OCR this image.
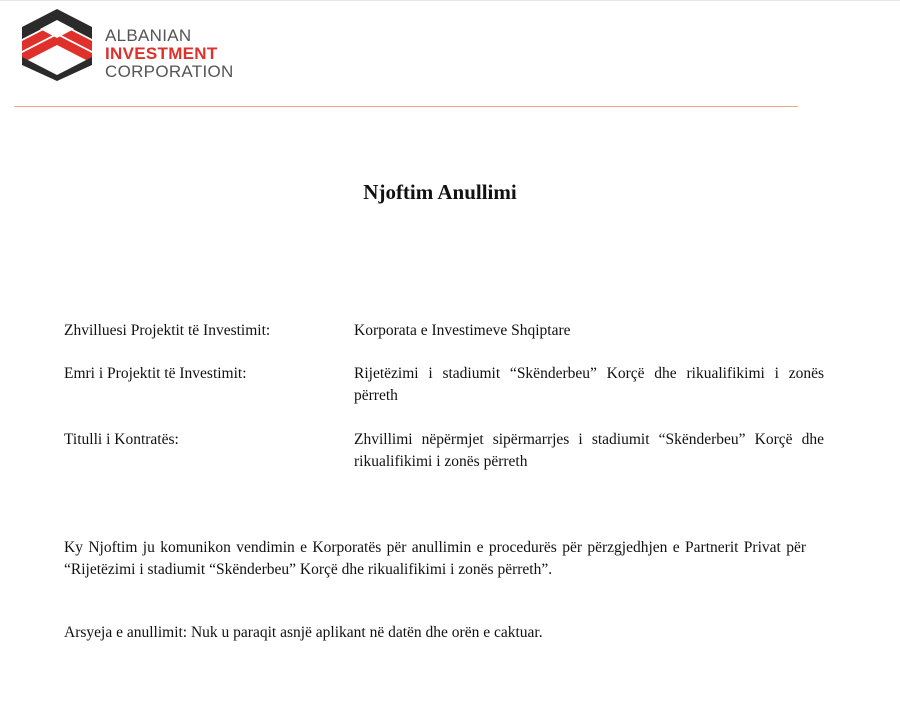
ALBANIAN
INVESTMENT
CORPORATION
Njoftim Anullimi
Zhvilluesi Projektit të Investimit:	Korporata e Investimeve Shqiptare
Emri i Projektit të Investimit:	Rijetëzimi i stadiumit “Skënderbeu” Korçë dhe rikualifikimi i zonës përreth
Titulli i Kontratës:	Zhvillimi nëpërmjet sipërmarrjes i stadiumit “Skënderbeu” Korçë dhe rikualifikimi i zonës përreth
Ky Njoftim ju komunikon vendimin e Korporatës për anullimin e procedurës për përzgjedhjen e Partnerit Privat për “Rijetëzimi i stadiumit “Skënderbeu” Korçë dhe rikualifikimi i zonës përreth”.
Arsyeja e anullimit: Nuk u paraqit asnjë aplikant në datën dhe orën e caktuar.
